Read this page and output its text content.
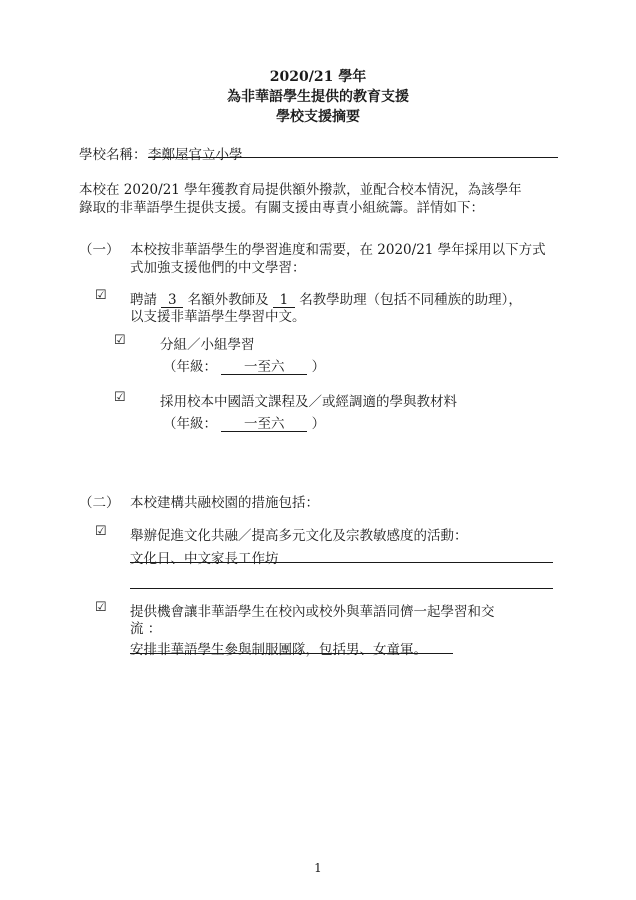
2020/21 學年
為非華語學生提供的教育支援
學校支援摘要
學校名稱： 李鄭屋官立小學
本校在 2020/21 學年獲教育局提供額外撥款，並配合校本情況，為該學年
錄取的非華語學生提供支援。有關支援由專責小組統籌。詳情如下：
（一） 本校按非華語學生的學習進度和需要，在 2020/21 學年採用以下方式
式加強支援他們的中文學習：
☑ 聘請 3 名額外教師及 1 名教學助理（包括不同種族的助理），
以支援非華語學生學習中文。
☑	分組／小組學習
（年級： 一至六 ）
☑	採用校本中國語文課程及／或經調適的學與教材料
（年級： 一至六 ）
（二） 本校建構共融校園的措施包括：
☑ 舉辦促進文化共融／提高多元文化及宗教敏感度的活動：
文化日、中文家長工作坊
☑ 提供機會讓非華語學生在校內或校外與華語同儕一起學習和交
流 ：
安排非華語學生參與制服團隊，包括男、女童軍。
1
